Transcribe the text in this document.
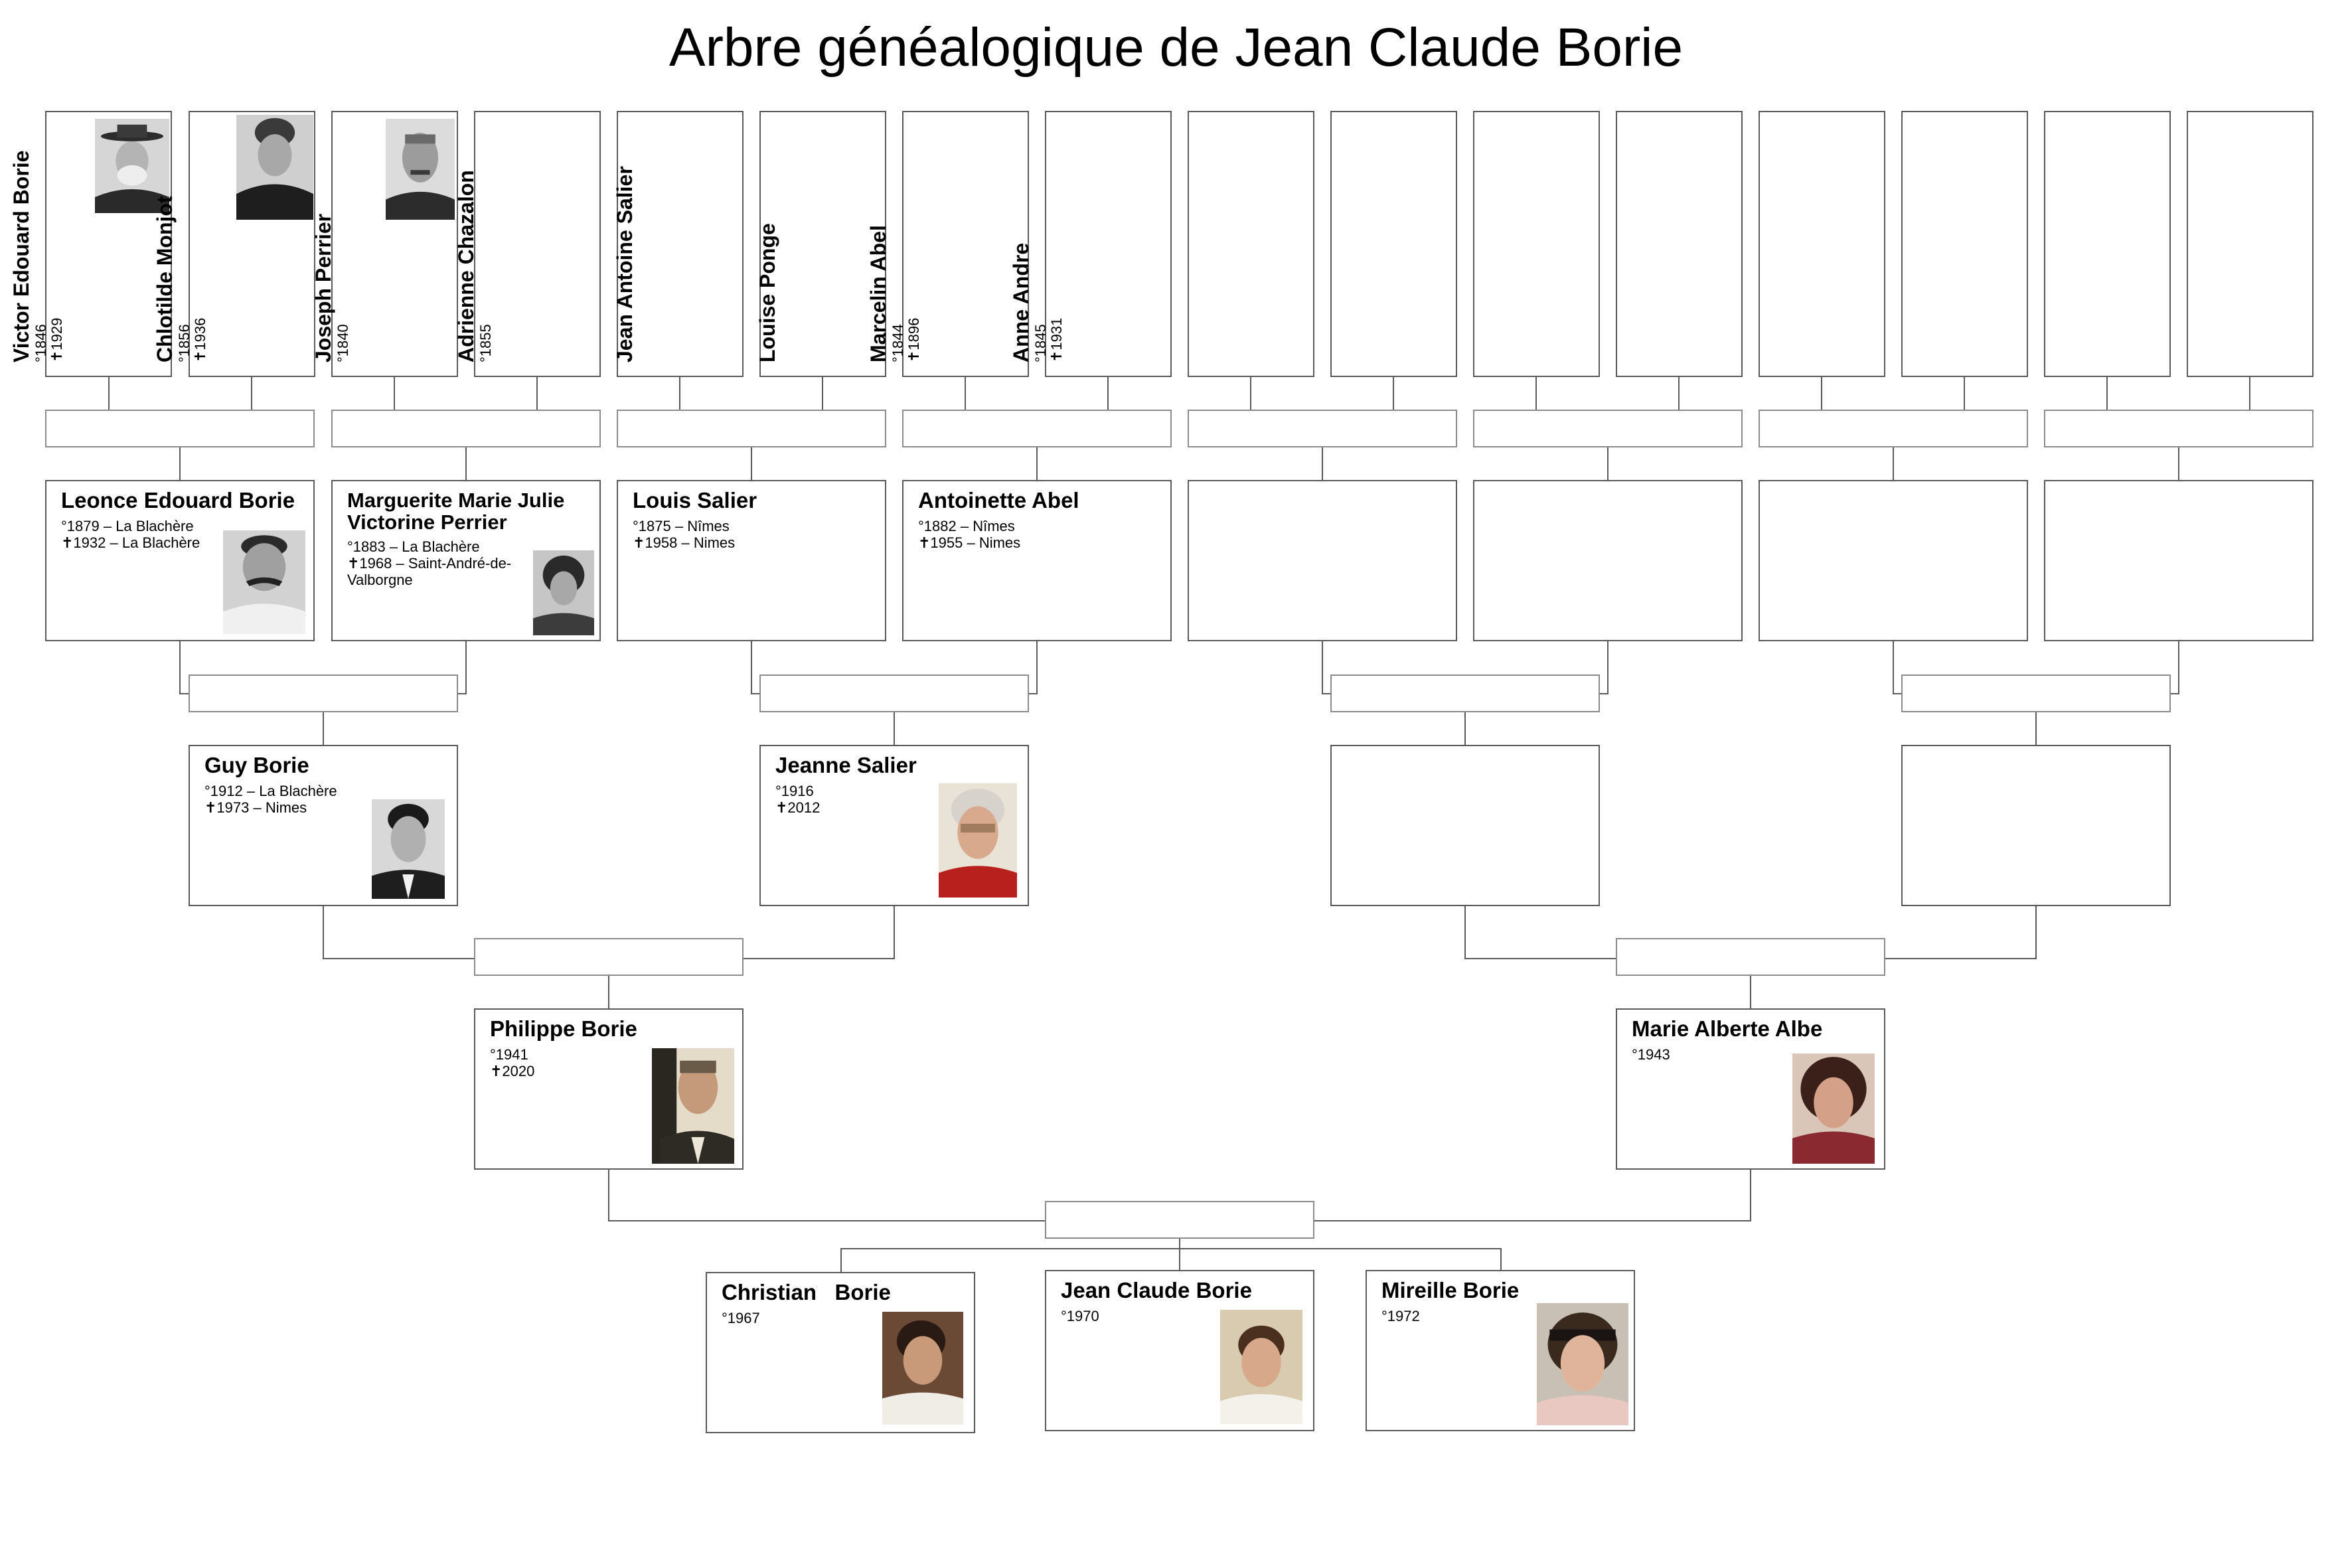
Arbre généalogique de Jean Claude Borie
Victor Edouard Borie °1846 ✝1929	Chlotilde Monjot °1856 ✝1936	Joseph Perrier °1840	Adrienne Chazalon °1855	Jean Antoine Salier	Louise Ponge	Marcelin Abel °1844 ✝1896	Anne Andre °1845 ✝1931
Leonce Edouard Borie
°1879 – La Blachère
✝1932 – La Blachère
Marguerite Marie Julie Victorine Perrier
°1883 – La Blachère
✝1968 – Saint-André-de-Valborgne
Louis Salier
°1875 – Nîmes
✝1958 – Nimes
Antoinette Abel
°1882 – Nîmes
✝1955 – Nimes
Guy Borie
°1912 – La Blachère
✝1973 – Nimes
Jeanne Salier
°1916
✝2012
Philippe Borie
°1941
✝2020
Marie Alberte Albe
°1943
Christian   Borie
°1967
Jean Claude Borie
°1970
Mireille Borie
°1972
